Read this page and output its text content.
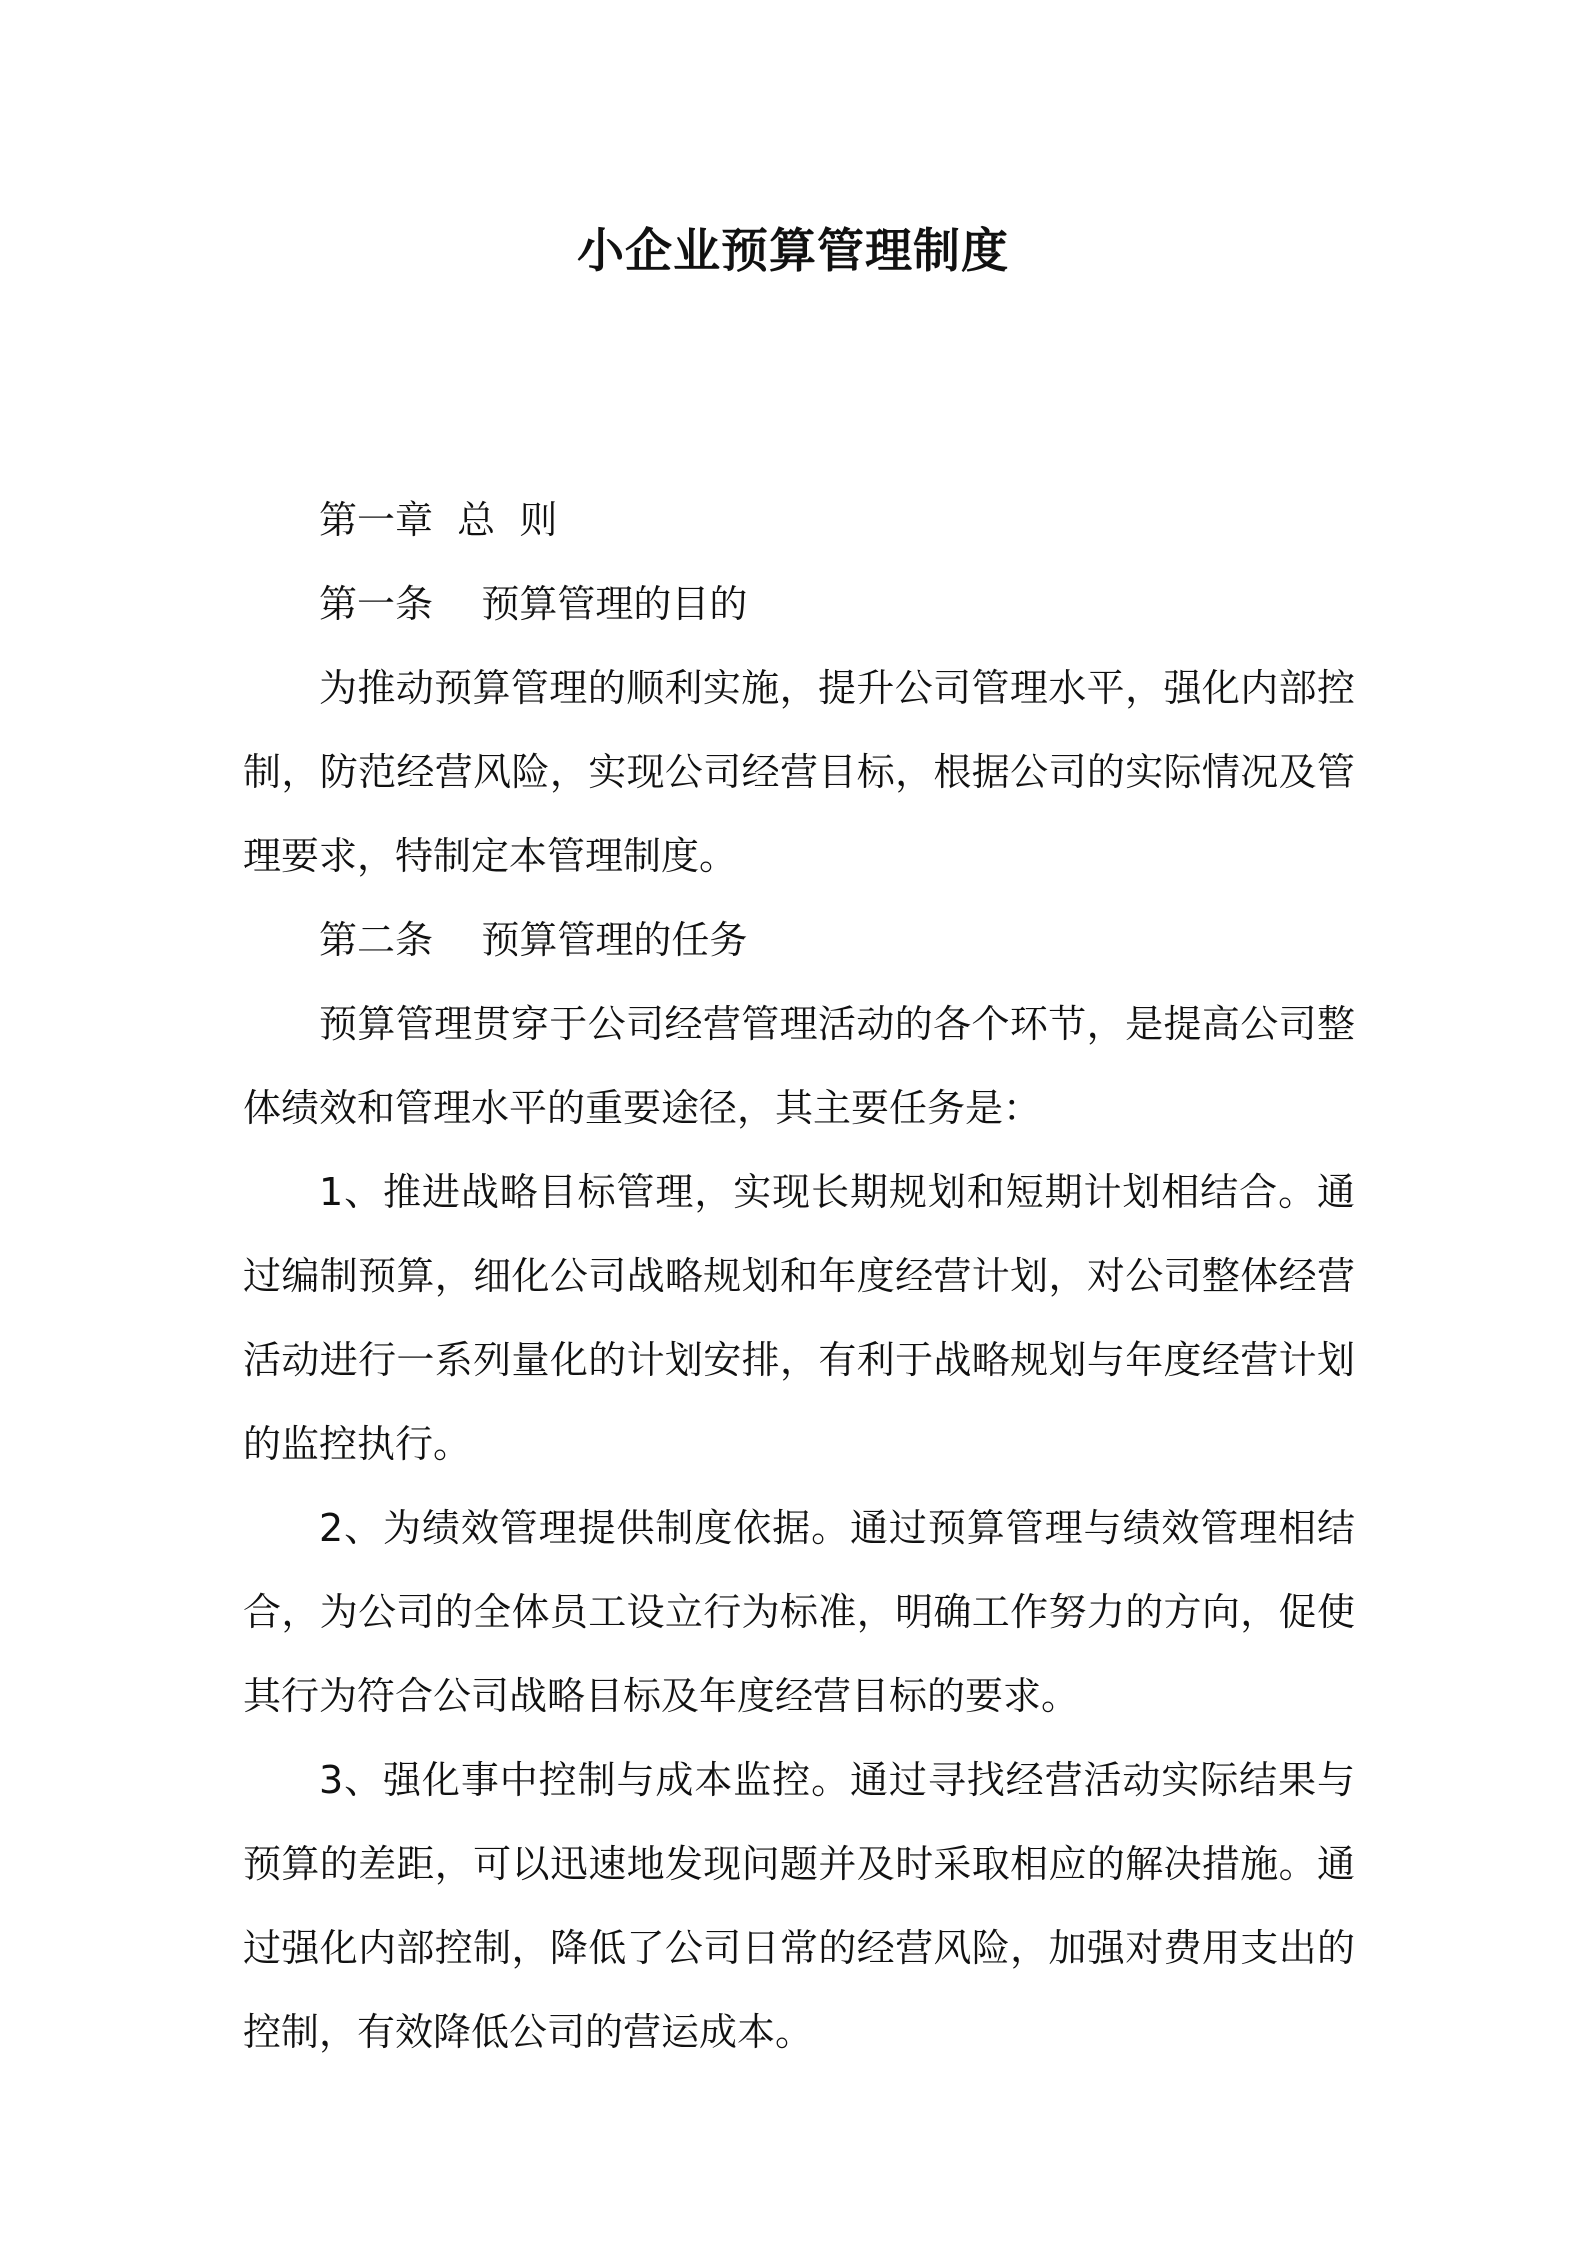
小企业预算管理制度

第一章  总  则

第一条    预算管理的目的

为推动预算管理的顺利实施，提升公司管理水平，强化内部控制，防范经营风险，实现公司经营目标，根据公司的实际情况及管理要求，特制定本管理制度。

第二条    预算管理的任务

预算管理贯穿于公司经营管理活动的各个环节，是提高公司整体绩效和管理水平的重要途径，其主要任务是：

1、推进战略目标管理，实现长期规划和短期计划相结合。通过编制预算，细化公司战略规划和年度经营计划，对公司整体经营活动进行一系列量化的计划安排，有利于战略规划与年度经营计划的监控执行。

2、为绩效管理提供制度依据。通过预算管理与绩效管理相结合，为公司的全体员工设立行为标准，明确工作努力的方向，促使其行为符合公司战略目标及年度经营目标的要求。

3、强化事中控制与成本监控。通过寻找经营活动实际结果与预算的差距，可以迅速地发现问题并及时采取相应的解决措施。通过强化内部控制，降低了公司日常的经营风险，加强对费用支出的控制，有效降低公司的营运成本。
